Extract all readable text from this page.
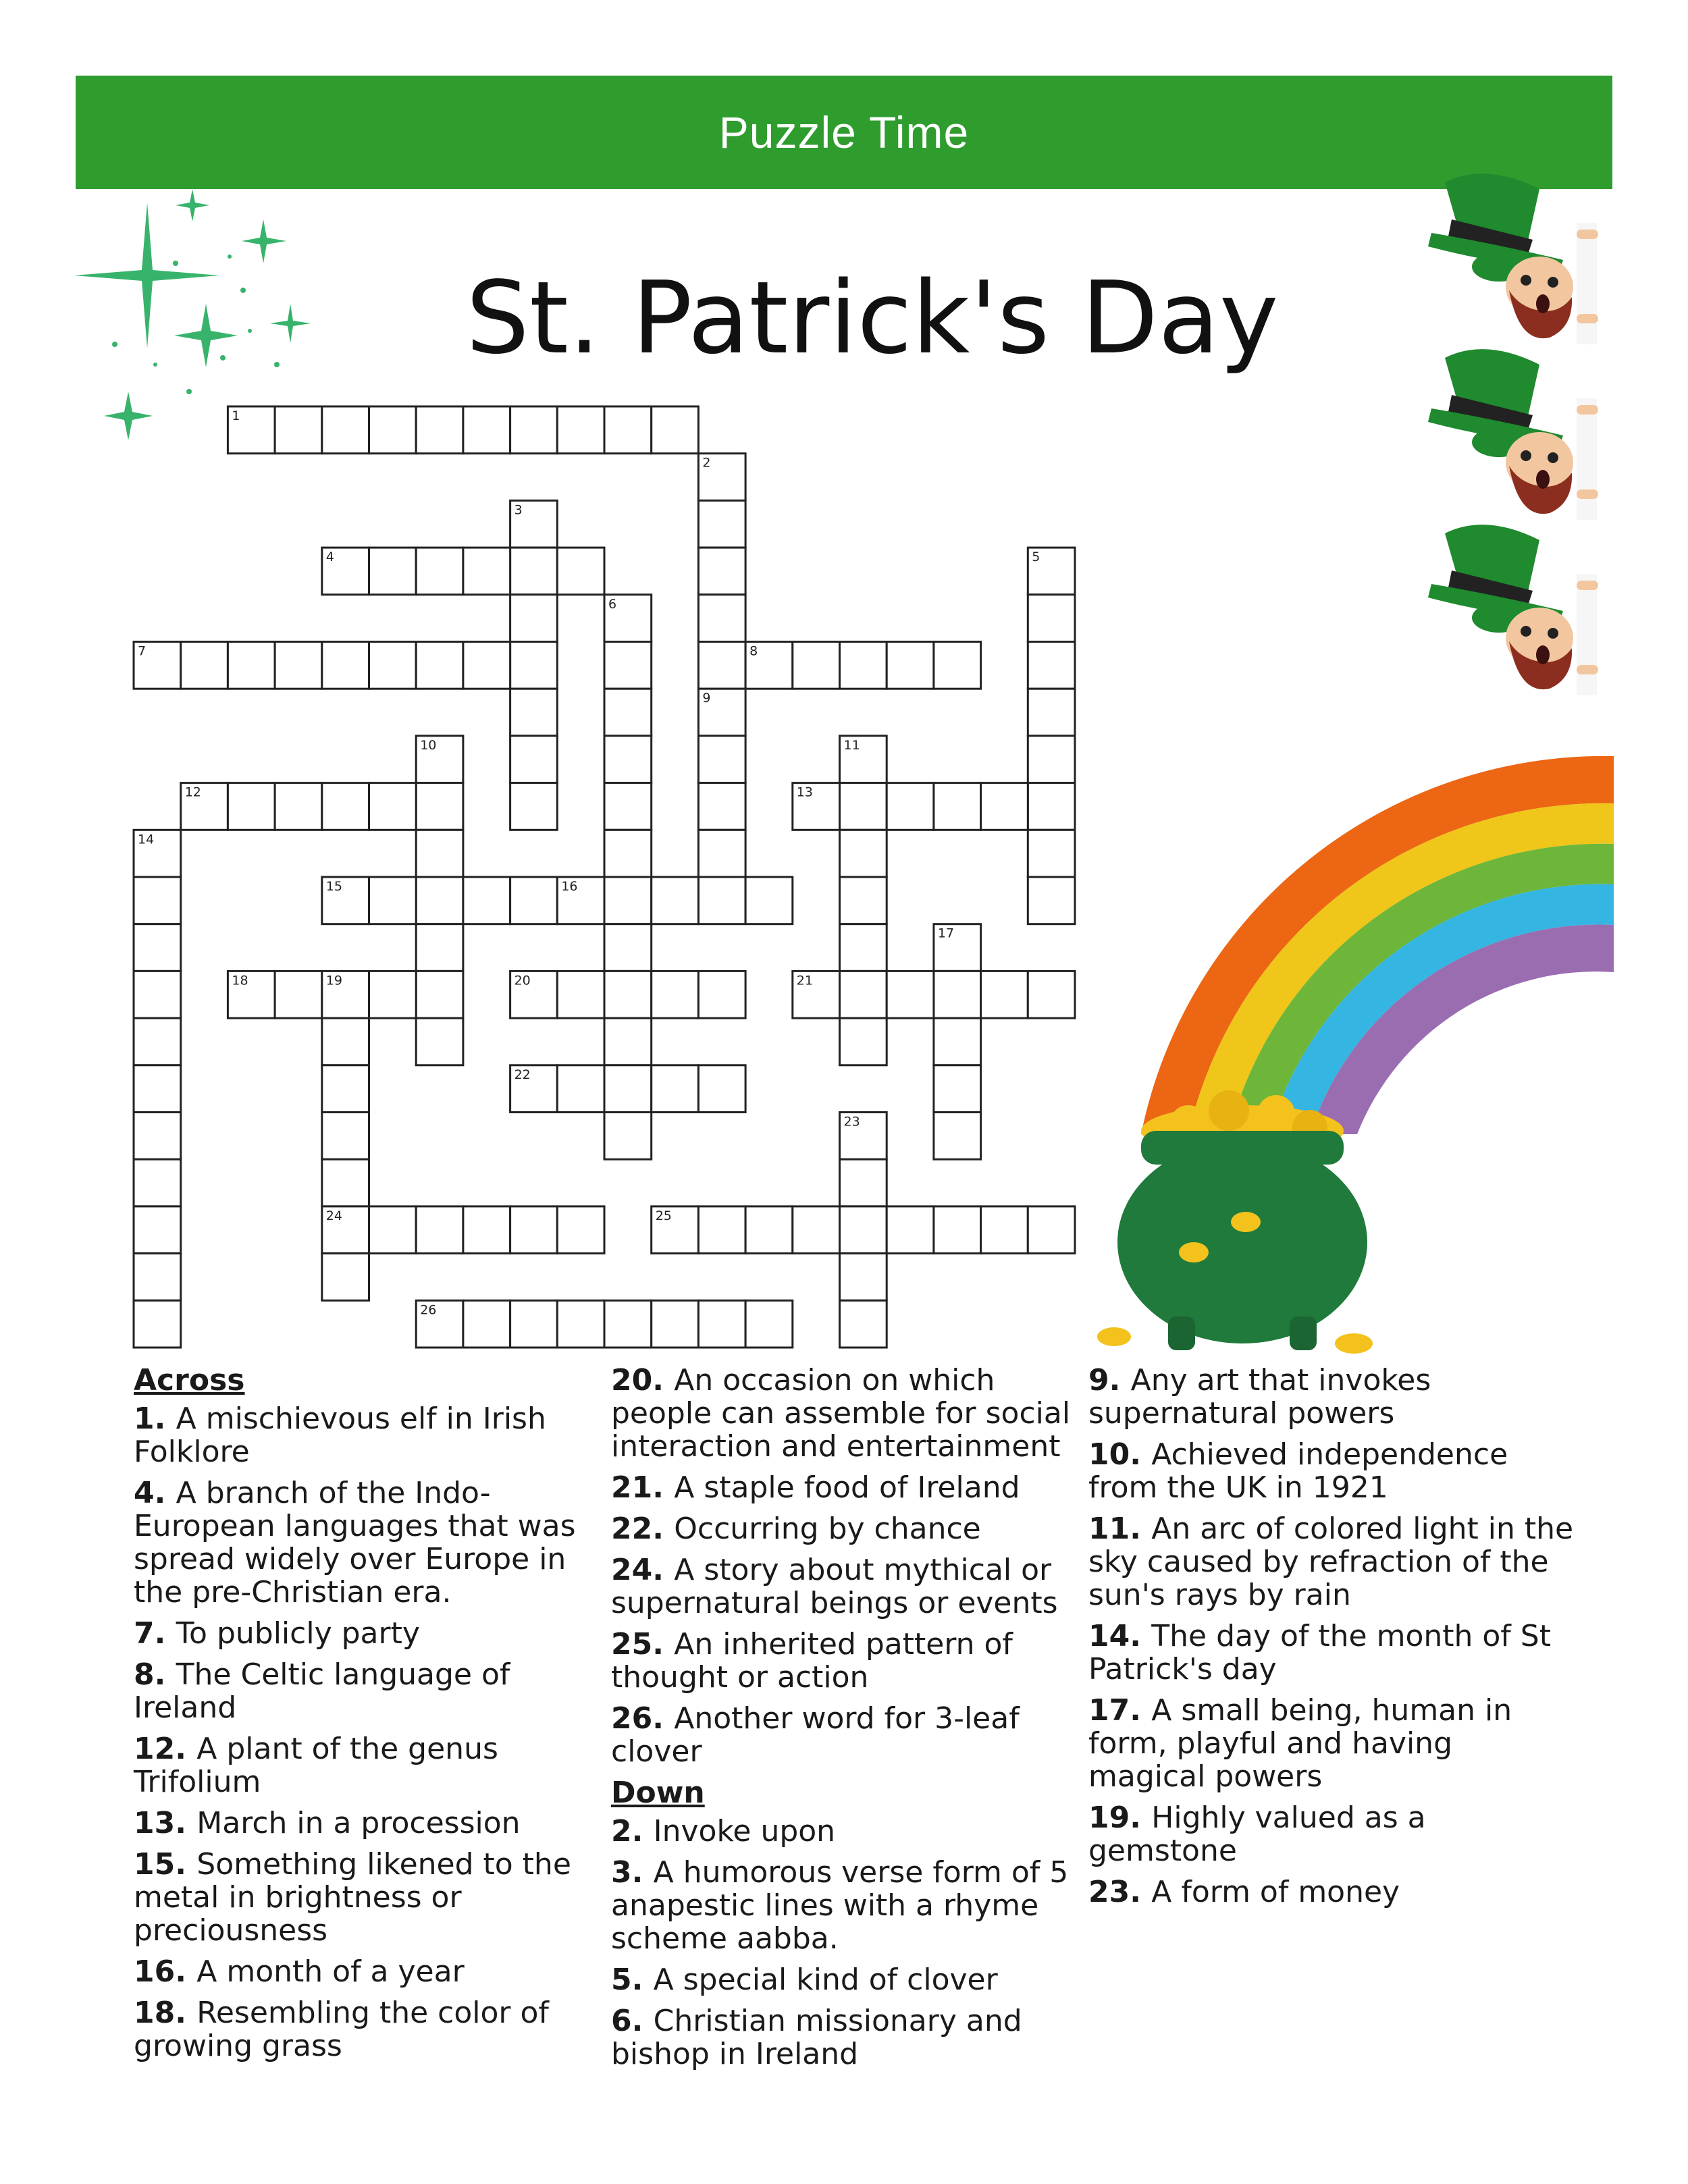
Puzzle Time
St. Patrick's Day
1
2
3
4	5
6
7	8
9
10	11
12	13
14
15	16
17
18	19	20	21
22
23
24	25
26
Across
1. A mischievous elf in Irish Folklore
4. A branch of the Indo-European languages that was spread widely over Europe in the pre-Christian era.
7. To publicly party
8. The Celtic language of Ireland
12. A plant of the genus Trifolium
13. March in a procession
15. Something likened to the metal in brightness or preciousness
16. A month of a year
18. Resembling the color of growing grass
20. An occasion on which people can assemble for social interaction and entertainment
21. A staple food of Ireland
22. Occurring by chance
24. A story about mythical or supernatural beings or events
25. An inherited pattern of thought or action
26. Another word for 3-leaf clover
Down
2. Invoke upon
3. A humorous verse form of 5 anapestic lines with a rhyme scheme aabba.
5. A special kind of clover
6. Christian missionary and bishop in Ireland
9. Any art that invokes supernatural powers
10. Achieved independence from the UK in 1921
11. An arc of colored light in the sky caused by refraction of the sun's rays by rain
14. The day of the month of St Patrick's day
17. A small being, human in form, playful and having magical powers
19. Highly valued as a gemstone
23. A form of money
